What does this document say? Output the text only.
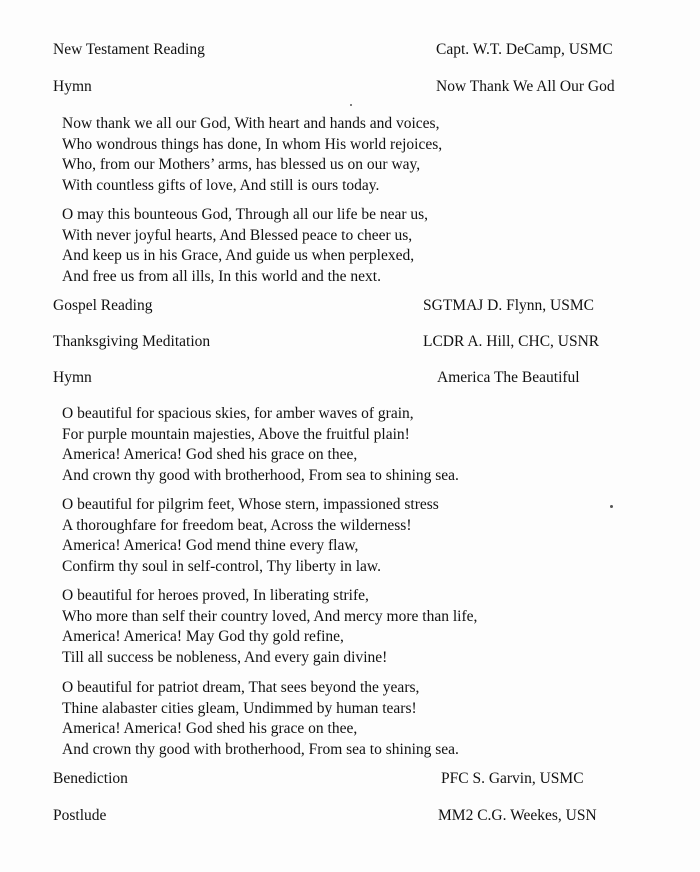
New Testament Reading	Capt. W.T. DeCamp, USMC
Hymn	Now Thank We All Our God
Now thank we all our God, With heart and hands and voices,
Who wondrous things has done, In whom His world rejoices,
Who, from our Mothers’ arms, has blessed us on our way,
With countless gifts of love, And still is ours today.
O may this bounteous God, Through all our life be near us,
With never joyful hearts, And Blessed peace to cheer us,
And keep us in his Grace, And guide us when perplexed,
And free us from all ills, In this world and the next.
Gospel Reading	SGTMAJ D. Flynn, USMC
Thanksgiving Meditation	LCDR A. Hill, CHC, USNR
Hymn	America The Beautiful
O beautiful for spacious skies, for amber waves of grain,
For purple mountain majesties, Above the fruitful plain!
America! America! God shed his grace on thee,
And crown thy good with brotherhood, From sea to shining sea.
O beautiful for pilgrim feet, Whose stern, impassioned stress
A thoroughfare for freedom beat, Across the wilderness!
America! America! God mend thine every flaw,
Confirm thy soul in self-control, Thy liberty in law.
O beautiful for heroes proved, In liberating strife,
Who more than self their country loved, And mercy more than life,
America! America! May God thy gold refine,
Till all success be nobleness, And every gain divine!
O beautiful for patriot dream, That sees beyond the years,
Thine alabaster cities gleam, Undimmed by human tears!
America! America! God shed his grace on thee,
And crown thy good with brotherhood, From sea to shining sea.
Benediction	PFC S. Garvin, USMC
Postlude	MM2 C.G. Weekes, USN
